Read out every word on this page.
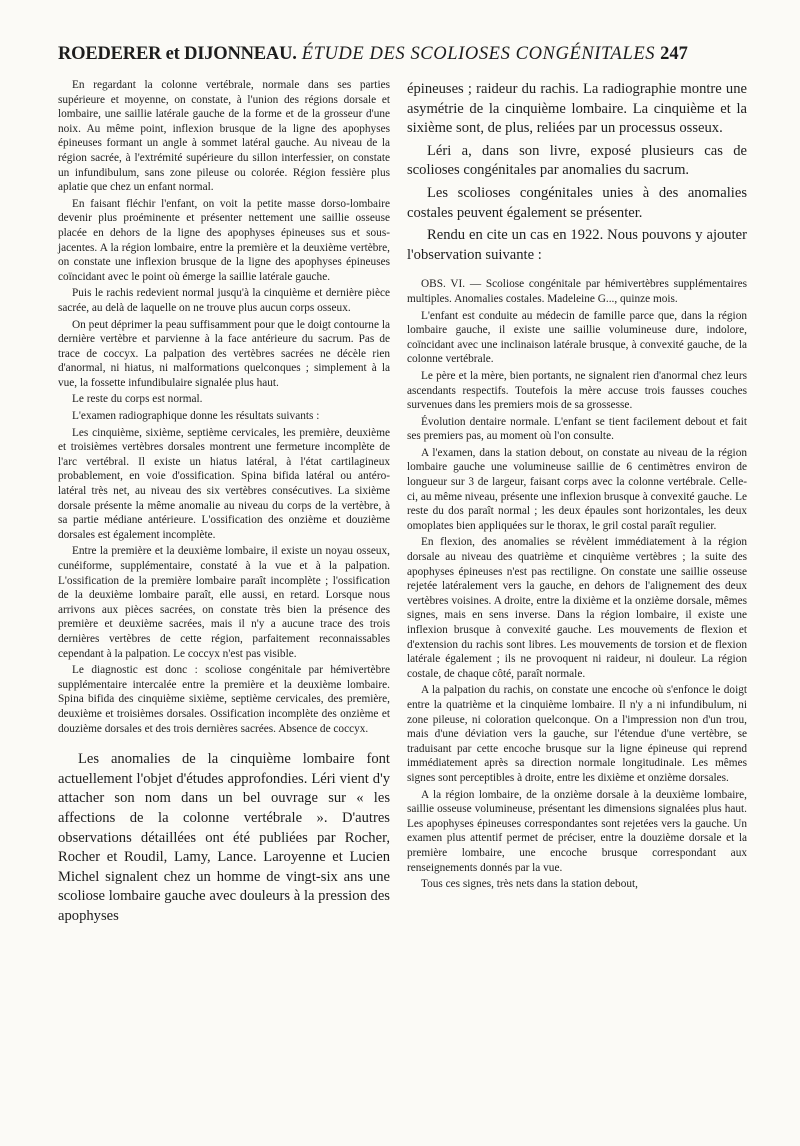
ROEDERER et DIJONNEAU. ÉTUDE DES SCOLIOSES CONGÉNITALES 247

En regardant la colonne vertébrale, normale dans ses parties supérieure et moyenne, on constate, à l'union des régions dorsale et lombaire, une saillie latérale gauche de la forme et de la grosseur d'une noix. Au même point, inflexion brusque de la ligne des apophyses épineuses formant un angle à sommet latéral gauche. Au niveau de la région sacrée, à l'extrémité supérieure du sillon interfessier, on constate un infundibulum, sans zone pileuse ou colorée. Région fessière plus aplatie que chez un enfant normal.

En faisant fléchir l'enfant, on voit la petite masse dorso-lombaire devenir plus proéminente et présenter nettement une saillie osseuse placée en dehors de la ligne des apophyses épineuses sus et sous-jacentes. A la région lombaire, entre la première et la deuxième vertèbre, on constate une inflexion brusque de la ligne des apophyses épineuses coïncidant avec le point où émerge la saillie latérale gauche.

Puis le rachis redevient normal jusqu'à la cinquième et dernière pièce sacrée, au delà de laquelle on ne trouve plus aucun corps osseux.

On peut déprimer la peau suffisamment pour que le doigt contourne la dernière vertèbre et parvienne à la face antérieure du sacrum. Pas de trace de coccyx. La palpation des vertèbres sacrées ne décèle rien d'anormal, ni hiatus, ni malformations quelconques ; simplement à la vue, la fossette infundibulaire signalée plus haut.

Le reste du corps est normal.

L'examen radiographique donne les résultats suivants :

Les cinquième, sixième, septième cervicales, les première, deuxième et troisièmes vertèbres dorsales montrent une fermeture incomplète de l'arc vertébral. Il existe un hiatus latéral, à l'état cartilagineux probablement, en voie d'ossification. Spina bifida latéral ou antéro-latéral très net, au niveau des six vertèbres consécutives. La sixième dorsale présente la même anomalie au niveau du corps de la vertèbre, à sa partie médiane antérieure. L'ossification des onzième et douzième dorsales est également incomplète.

Entre la première et la deuxième lombaire, il existe un noyau osseux, cunéiforme, supplémentaire, constaté à la vue et à la palpation. L'ossification de la première lombaire paraît incomplète ; l'ossification de la deuxième lombaire paraît, elle aussi, en retard. Lorsque nous arrivons aux pièces sacrées, on constate très bien la présence des première et deuxième sacrées, mais il n'y a aucune trace des trois dernières vertèbres de cette région, parfaitement reconnaissables cependant à la palpation. Le coccyx n'est pas visible.

Le diagnostic est donc : scoliose congénitale par hémivertèbre supplémentaire intercalée entre la première et la deuxième lombaire. Spina bifida des cinquième sixième, septième cervicales, des première, deuxième et troisièmes dorsales. Ossification incomplète des onzième et douzième dorsales et des trois dernières sacrées. Absence de coccyx.

Les anomalies de la cinquième lombaire font actuellement l'objet d'études approfondies. Léri vient d'y attacher son nom dans un bel ouvrage sur « les affections de la colonne vertébrale ». D'autres observations détaillées ont été publiées par Rocher, Rocher et Roudil, Lamy, Lance. Laroyenne et Lucien Michel signalent chez un homme de vingt-six ans une scoliose lombaire gauche avec douleurs à la pression des apophyses

épineuses ; raideur du rachis. La radiographie montre une asymétrie de la cinquième lombaire. La cinquième et la sixième sont, de plus, reliées par un processus osseux.

Léri a, dans son livre, exposé plusieurs cas de scolioses congénitales par anomalies du sacrum.

Les scolioses congénitales unies à des anomalies costales peuvent également se présenter.

Rendu en cite un cas en 1922. Nous pouvons y ajouter l'observation suivante :

OBS. VI. — Scoliose congénitale par hémivertèbres supplémentaires multiples. Anomalies costales. Madeleine G..., quinze mois.

L'enfant est conduite au médecin de famille parce que, dans la région lombaire gauche, il existe une saillie volumineuse dure, indolore, coïncidant avec une inclinaison latérale brusque, à convexité gauche, de la colonne vertébrale.

Le père et la mère, bien portants, ne signalent rien d'anormal chez leurs ascendants respectifs. Toutefois la mère accuse trois fausses couches survenues dans les premiers mois de sa grossesse.

Évolution dentaire normale. L'enfant se tient facilement debout et fait ses premiers pas, au moment où l'on consulte.

A l'examen, dans la station debout, on constate au niveau de la région lombaire gauche une volumineuse saillie de 6 centimètres environ de longueur sur 3 de largeur, faisant corps avec la colonne vertébrale. Celle-ci, au même niveau, présente une inflexion brusque à convexité gauche. Le reste du dos paraît normal ; les deux épaules sont horizontales, les deux omoplates bien appliquées sur le thorax, le gril costal paraît regulier.

En flexion, des anomalies se révèlent immédiatement à la région dorsale au niveau des quatrième et cinquième vertèbres ; la suite des apophyses épineuses n'est pas rectiligne. On constate une saillie osseuse rejetée latéralement vers la gauche, en dehors de l'alignement des deux vertèbres voisines. A droite, entre la dixième et la onzième dorsale, mêmes signes, mais en sens inverse. Dans la région lombaire, il existe une inflexion brusque à convexité gauche. Les mouvements de flexion et d'extension du rachis sont libres. Les mouvements de torsion et de flexion latérale également ; ils ne provoquent ni raideur, ni douleur. La région costale, de chaque côté, paraît normale.

A la palpation du rachis, on constate une encoche où s'enfonce le doigt entre la quatrième et la cinquième lombaire. Il n'y a ni infundibulum, ni zone pileuse, ni coloration quelconque. On a l'impression non d'un trou, mais d'une déviation vers la gauche, sur l'étendue d'une vertèbre, se traduisant par cette encoche brusque sur la ligne épineuse qui reprend immédiatement après sa direction normale longitudinale. Les mêmes signes sont perceptibles à droite, entre les dixième et onzième dorsales.

A la région lombaire, de la onzième dorsale à la deuxième lombaire, saillie osseuse volumineuse, présentant les dimensions signalées plus haut. Les apophyses épineuses correspondantes sont rejetées vers la gauche. Un examen plus attentif permet de préciser, entre la douzième dorsale et la première lombaire, une encoche brusque correspondant aux renseignements donnés par la vue.

Tous ces signes, très nets dans la station debout,
